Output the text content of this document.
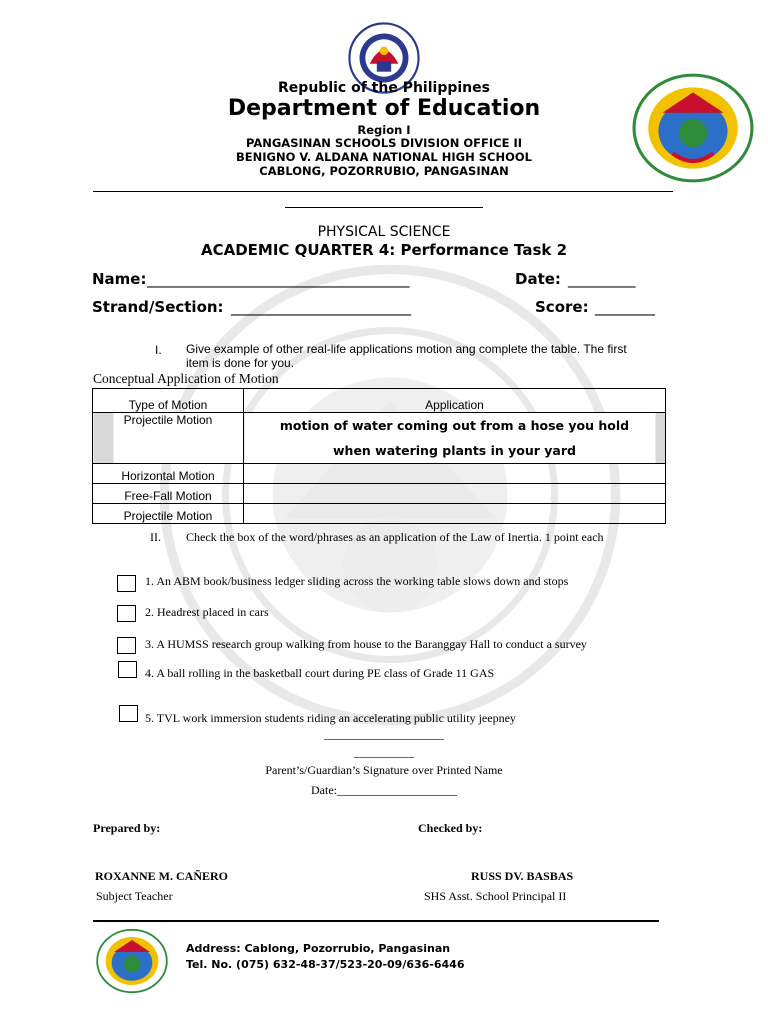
Republic of the Philippines
Department of Education
Region I
PANGASINAN SCHOOLS DIVISION OFFICE II
BENIGNO V. ALDANA NATIONAL HIGH SCHOOL
CABLONG, POZORRUBIO, PANGASINAN
PHYSICAL SCIENCE
ACADEMIC QUARTER 4: Performance Task 2
Name: ___________________________________	Date: _________
Strand/Section: ________________________	Score: ________
I. Give example of other real-life applications motion ang complete the table. The first
item is done for you.
Conceptual Application of Motion
Type of Motion	Application
Projectile Motion	motion of water coming out from a hose you hold
when watering plants in your yard

Horizontal Motion	
Free-Fall Motion	
Projectile Motion	
II. Check the box of the word/phrases as an application of the Law of Inertia. 1 point each
1. An ABM book/business ledger sliding across the working table slows down and stops
2. Headrest placed in cars
3. A HUMSS research group walking from house to the Baranggay Hall to conduct a survey
4. A ball rolling in the basketball court during PE class of Grade 11 GAS
5. TVL work immersion students riding an accelerating public utility jeepney
____________________
__________
Parent’s/Guardian’s Signature over Printed Name
Date:____________________
Prepared by:	Checked by:
ROXANNE M. CAÑERO	RUSS DV. BASBAS
Subject Teacher	SHS Asst. School Principal II
Address: Cablong, Pozorrubio, Pangasinan
Tel. No. (075) 632-48-37/523-20-09/636-6446
